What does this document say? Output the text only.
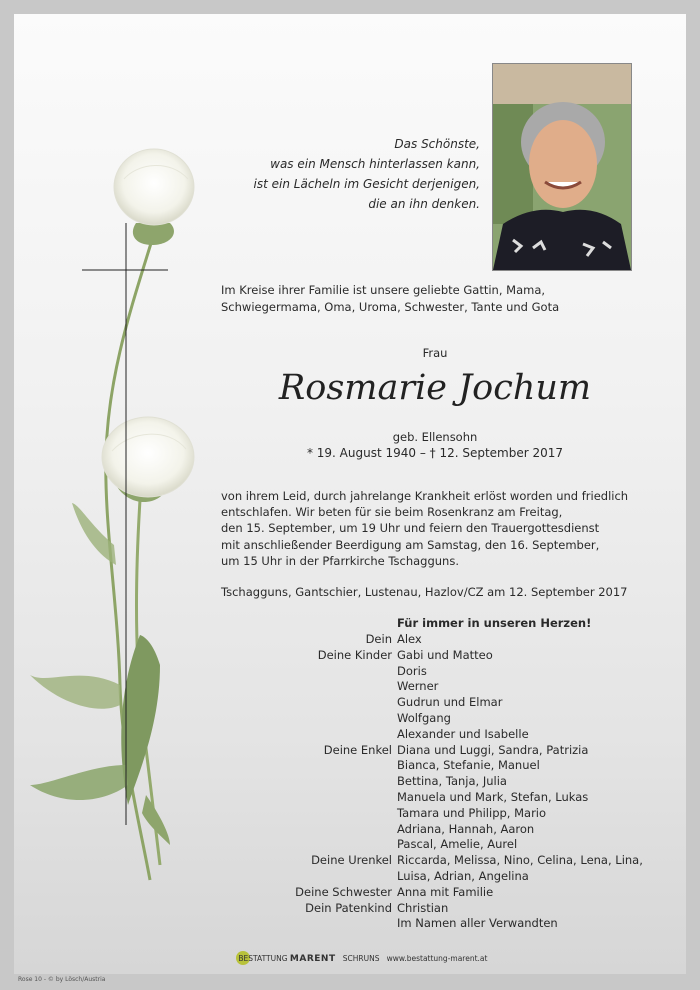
Das Schönste,
was ein Mensch hinterlassen kann,
ist ein Lächeln im Gesicht derjenigen,
die an ihn denken.
Im Kreise ihrer Familie ist unsere geliebte Gattin, Mama, Schwiegermama, Oma, Uroma, Schwester, Tante und Gota
Frau
Rosmarie Jochum
geb. Ellensohn
* 19. August 1940 – † 12. September 2017
von ihrem Leid, durch jahrelange Krankheit erlöst worden und friedlich
entschlafen. Wir beten für sie beim Rosenkranz am Freitag,
den 15. September, um 19 Uhr und feiern den Trauergottesdienst
mit anschließender Beerdigung am Samstag, den 16. September,
um 15 Uhr in der Pfarrkirche Tschagguns.
Tschagguns, Gantschier, Lustenau, Hazlov/CZ am 12. September 2017
Für immer in unseren Herzen!
Dein Alex
Deine Kinder Gabi und Matteo
Doris
Werner
Gudrun und Elmar
Wolfgang
Alexander und Isabelle
Deine Enkel Diana und Luggi, Sandra, Patrizia
Bianca, Stefanie, Manuel
Bettina, Tanja, Julia
Manuela und Mark, Stefan, Lukas
Tamara und Philipp, Mario
Adriana, Hannah, Aaron
Pascal, Amelie, Aurel
Deine Urenkel Riccarda, Melissa, Nino, Celina, Lena, Lina,
Luisa, Adrian, Angelina
Deine Schwester Anna mit Familie
Dein Patenkind Christian
Im Namen aller Verwandten
BESTATTUNG MARENT SCHRUNS www.bestattung-marent.at
Rose 10 - © by Lösch/Austria
